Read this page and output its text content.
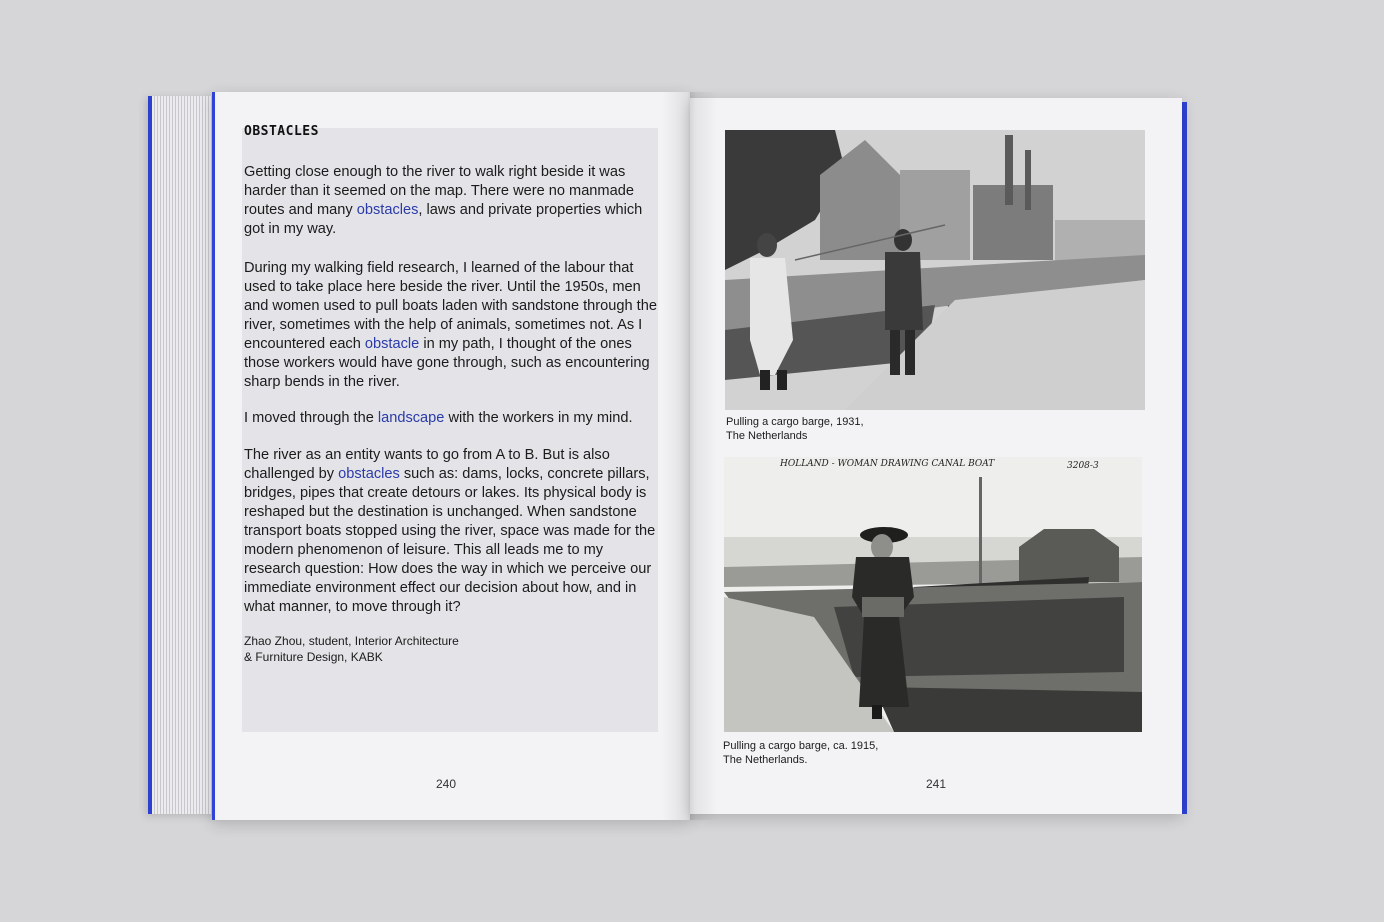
OBSTACLES
Getting close enough to the river to walk right beside it was harder than it seemed on the map. There were no manmade routes and many obstacles, laws and private properties which got in my way.
During my walking field research, I learned of the labour that used to take place here beside the river. Until the 1950s, men and women used to pull boats laden with sandstone through the river, sometimes with the help of animals, sometimes not. As I encountered each obstacle in my path, I thought of the ones those workers would have gone through, such as encountering sharp bends in the river.
I moved through the landscape with the workers in my mind.
The river as an entity wants to go from A to B. But is also challenged by obstacles such as: dams, locks, concrete pillars, bridges, pipes that create detours or lakes. Its physical body is reshaped but the destination is unchanged. When sandstone transport boats stopped using the river, space was made for the modern phenomenon of leisure. This all leads me to my research question: How does the way in which we perceive our immediate environment effect our decision about how, and in what manner, to move through it?
Zhao Zhou, student, Interior Architecture
& Furniture Design, KABK
240
Pulling a cargo barge, 1931,
The Netherlands
HOLLAND - WOMAN DRAWING CANAL BOAT	3208-3
Pulling a cargo barge, ca. 1915,
The Netherlands.
241
